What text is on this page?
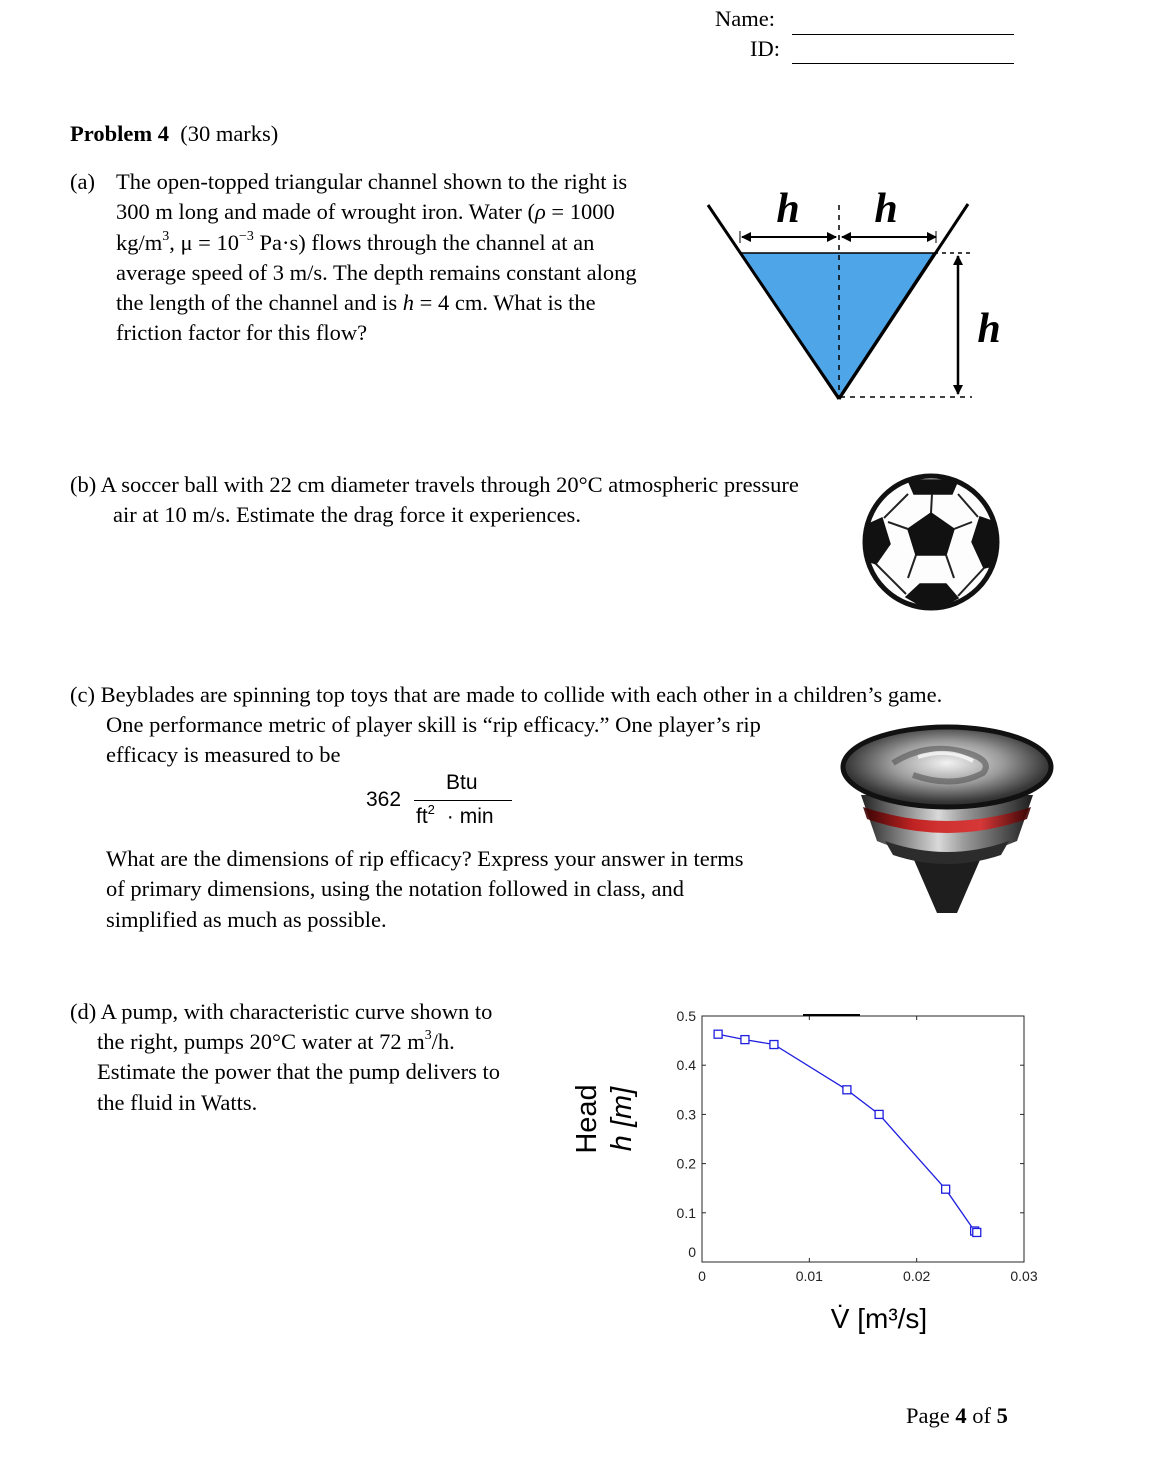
Name:
ID:
Problem 4 (30 marks)
(a) The open-topped triangular channel shown to the right is
300 m long and made of wrought iron. Water (ρ = 1000
$kg/m^3$, $\mu = 10^{-3}$ Pa·s) flows through the channel at an
average speed of 3 m/s. The depth remains constant along
the length of the channel and is h = 4 cm. What is the
friction factor for this flow?
h h
h
(b) A soccer ball with 22 cm diameter travels through 20°C atmospheric pressure
air at 10 m/s. Estimate the drag force it experiences.
(c) Beyblades are spinning top toys that are made to collide with each other in a children’s game.
One performance metric of player skill is “rip efficacy.” One player’s rip
efficacy is measured to be
362
Btu
$ft^2 \cdot \min$
What are the dimensions of rip efficacy? Express your answer in terms
of primary dimensions, using the notation followed in class, and
simplified as much as possible.
(d) A pump, with characteristic curve shown to
the right, pumps 20°C water at 72 $m^3/h$.
Estimate the power that the pump delivers to
the fluid in Watts.
0	0.01	0.02	0.03
0
0.1
0.2
0.3
0.4
0.5
Head h [m]
V̇ [m³/s]
Page 4 of 5
